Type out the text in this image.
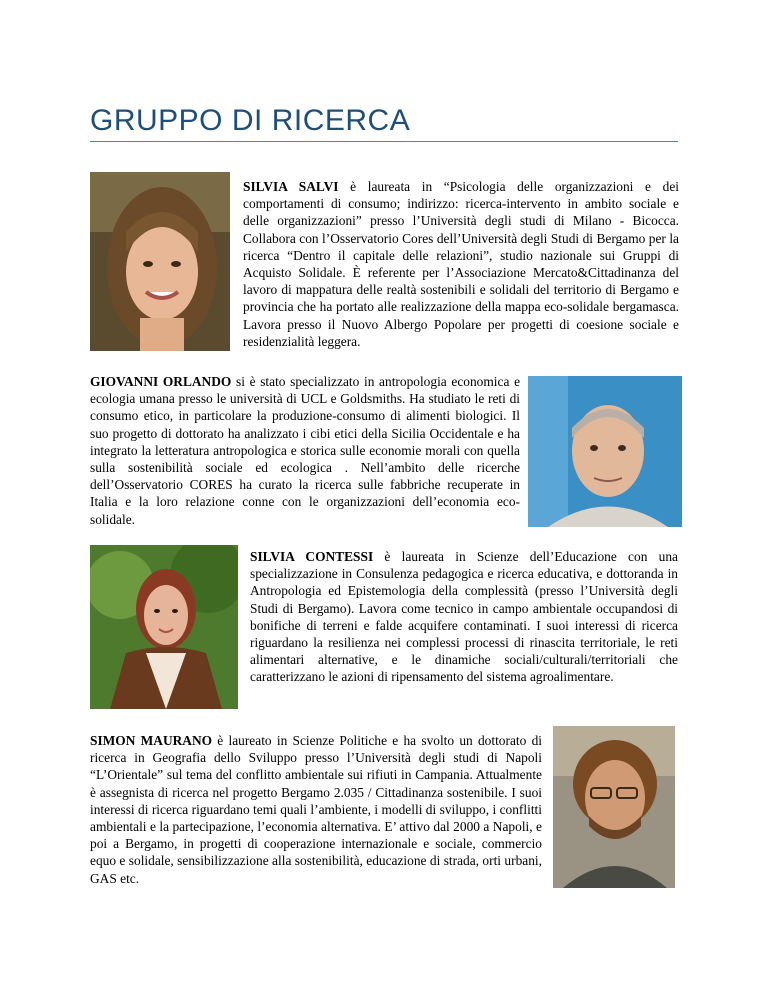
GRUPPO DI RICERCA

SILVIA SALVI è laureata in “Psicologia delle organizzazioni e dei comportamenti di consumo; indirizzo: ricerca-intervento in ambito sociale e delle organizzazioni” presso l’Università degli studi di Milano - Bicocca. Collabora con l’Osservatorio Cores dell’Università degli Studi di Bergamo per la ricerca “Dentro il capitale delle relazioni”, studio nazionale sui Gruppi di Acquisto Solidale. È referente per l’Associazione Mercato&Cittadinanza del lavoro di mappatura delle realtà sostenibili e solidali del territorio di Bergamo e provincia che ha portato alle realizzazione della mappa eco-solidale bergamasca. Lavora presso il Nuovo Albergo Popolare per progetti di coesione sociale e residenzialità leggera.

GIOVANNI ORLANDO si è stato specializzato in antropologia economica e ecologia umana presso le università di UCL e Goldsmiths. Ha studiato le reti di consumo etico, in particolare la produzione-consumo di alimenti biologici. Il suo progetto di dottorato ha analizzato i cibi etici della Sicilia Occidentale e ha integrato la letteratura antropologica e storica sulle economie morali con quella sulla sostenibilità sociale ed ecologica . Nell’ambito delle ricerche dell’Osservatorio CORES ha curato la ricerca sulle fabbriche recuperate in Italia e la loro relazione conne con le organizzazioni dell’economia eco-solidale.

SILVIA CONTESSI è laureata in Scienze dell’Educazione con una specializzazione in Consulenza pedagogica e ricerca educativa, e dottoranda in Antropologia ed Epistemologia della complessità (presso l’Università degli Studi di Bergamo). Lavora come tecnico in campo ambientale occupandosi di bonifiche di terreni e falde acquifere contaminati. I suoi interessi di ricerca riguardano la resilienza nei complessi processi di rinascita territoriale, le reti alimentari alternative, e le dinamiche sociali/culturali/territoriali che caratterizzano le azioni di ripensamento del sistema agroalimentare.

SIMON MAURANO è laureato in Scienze Politiche e ha svolto un dottorato di ricerca in Geografia dello Sviluppo presso l’Università degli studi di Napoli “L’Orientale” sul tema del conflitto ambientale sui rifiuti in Campania. Attualmente è assegnista di ricerca nel progetto Bergamo 2.035 / Cittadinanza sostenibile. I suoi interessi di ricerca riguardano temi quali l’ambiente, i modelli di sviluppo, i conflitti ambientali e la partecipazione, l’economia alternativa. E’ attivo dal 2000 a Napoli, e poi a Bergamo, in progetti di cooperazione internazionale e sociale, commercio equo e solidale, sensibilizzazione alla sostenibilità, educazione di strada, orti urbani, GAS etc.
